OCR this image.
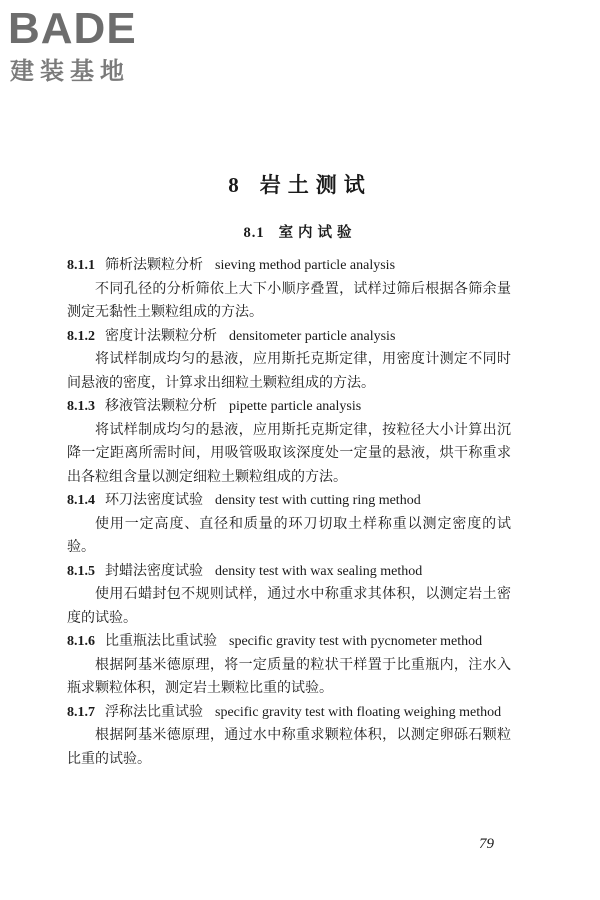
BADE
建装基地
8 岩土测试
8.1 室内试验
8.1.1 筛析法颗粒分析 sieving method particle analysis

不同孔径的分析筛依上大下小顺序叠置，试样过筛后根据各筛余量测定无黏性土颗粒组成的方法。

8.1.2 密度计法颗粒分析 densitometer particle analysis

将试样制成均匀的悬液，应用斯托克斯定律，用密度计测定不同时间悬液的密度，计算求出细粒土颗粒组成的方法。

8.1.3 移液管法颗粒分析 pipette particle analysis

将试样制成均匀的悬液，应用斯托克斯定律，按粒径大小计算出沉降一定距离所需时间，用吸管吸取该深度处一定量的悬液，烘干称重求出各粒组含量以测定细粒土颗粒组成的方法。

8.1.4 环刀法密度试验 density test with cutting ring method

使用一定高度、直径和质量的环刀切取土样称重以测定密度的试验。

8.1.5 封蜡法密度试验 density test with wax sealing method

使用石蜡封包不规则试样，通过水中称重求其体积，以测定岩土密度的试验。

8.1.6 比重瓶法比重试验 specific gravity test with pycnometer method

根据阿基米德原理，将一定质量的粒状干样置于比重瓶内，注水入瓶求颗粒体积，测定岩土颗粒比重的试验。

8.1.7 浮称法比重试验 specific gravity test with floating weighing method

根据阿基米德原理，通过水中称重求颗粒体积，以测定卵砾石颗粒比重的试验。

79
